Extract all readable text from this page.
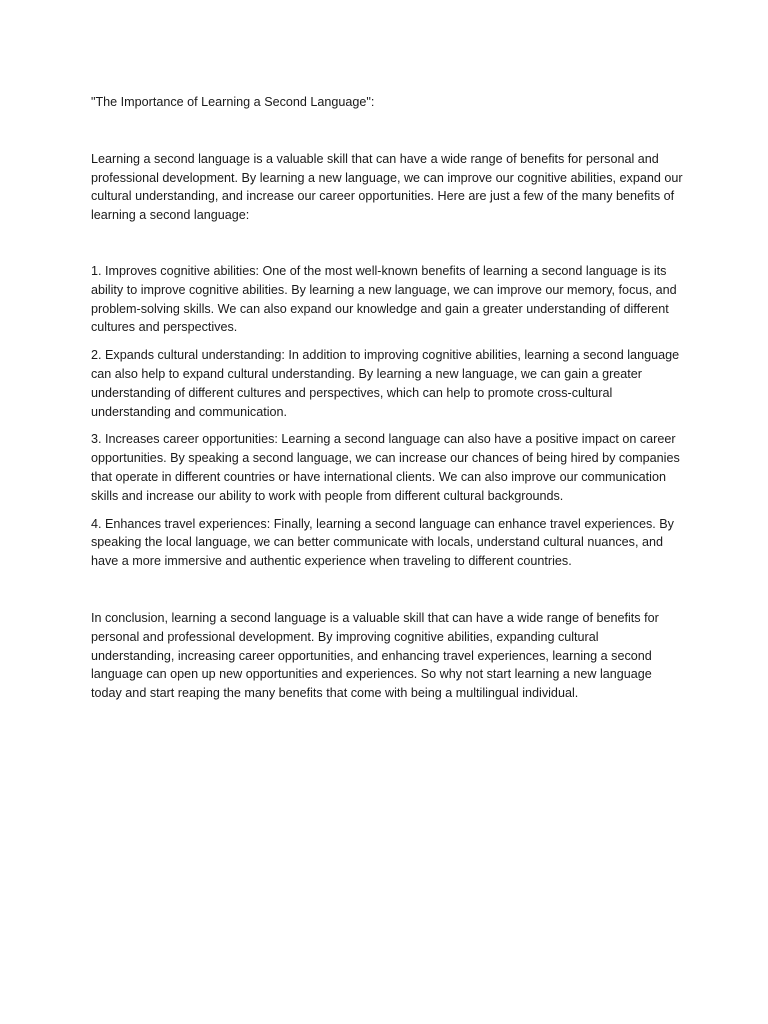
"The Importance of Learning a Second Language":

Learning a second language is a valuable skill that can have a wide range of benefits for personal and professional development. By learning a new language, we can improve our cognitive abilities, expand our cultural understanding, and increase our career opportunities. Here are just a few of the many benefits of learning a second language:

1. Improves cognitive abilities: One of the most well-known benefits of learning a second language is its ability to improve cognitive abilities. By learning a new language, we can improve our memory, focus, and problem-solving skills. We can also expand our knowledge and gain a greater understanding of different cultures and perspectives.

2. Expands cultural understanding: In addition to improving cognitive abilities, learning a second language can also help to expand cultural understanding. By learning a new language, we can gain a greater understanding of different cultures and perspectives, which can help to promote cross-cultural understanding and communication.

3. Increases career opportunities: Learning a second language can also have a positive impact on career opportunities. By speaking a second language, we can increase our chances of being hired by companies that operate in different countries or have international clients. We can also improve our communication skills and increase our ability to work with people from different cultural backgrounds.

4. Enhances travel experiences: Finally, learning a second language can enhance travel experiences. By speaking the local language, we can better communicate with locals, understand cultural nuances, and have a more immersive and authentic experience when traveling to different countries.

In conclusion, learning a second language is a valuable skill that can have a wide range of benefits for personal and professional development. By improving cognitive abilities, expanding cultural understanding, increasing career opportunities, and enhancing travel experiences, learning a second language can open up new opportunities and experiences. So why not start learning a new language today and start reaping the many benefits that come with being a multilingual individual.
